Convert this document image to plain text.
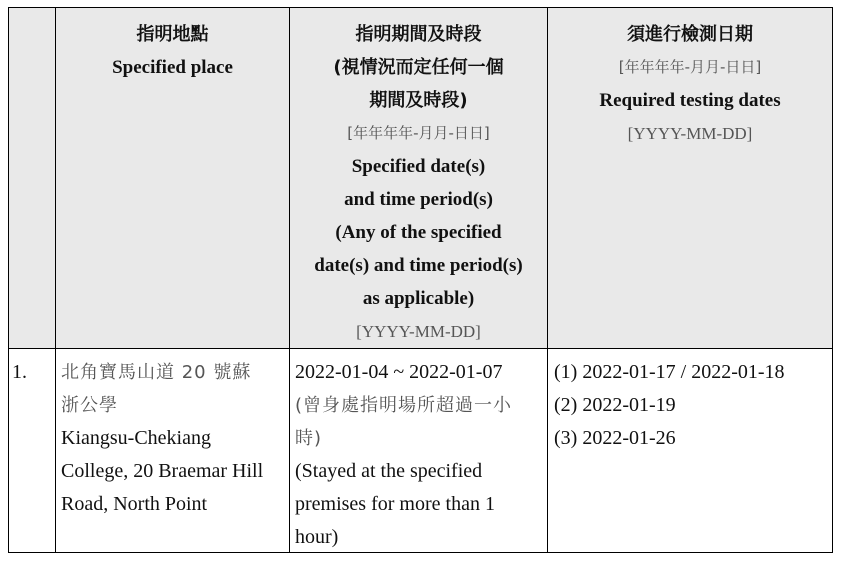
指明地點
Specified place
指明期間及時段
(視情況而定任何一個
期間及時段)
[年年年年-月月-日日]
Specified date(s)
and time period(s)
(Any of the specified
date(s) and time period(s)
as applicable)
[YYYY-MM-DD]
須進行檢測日期
[年年年年-月月-日日]
Required testing dates
[YYYY-MM-DD]
1.	北角寶馬山道 20 號蘇
浙公學
Kiangsu-Chekiang
College, 20 Braemar Hill
Road, North Point
2022-01-04 ~ 2022-01-07
(曾身處指明場所超過一小
時)
(Stayed at the specified
premises for more than 1
hour)
(1) 2022-01-17 / 2022-01-18
(2) 2022-01-19
(3) 2022-01-26
